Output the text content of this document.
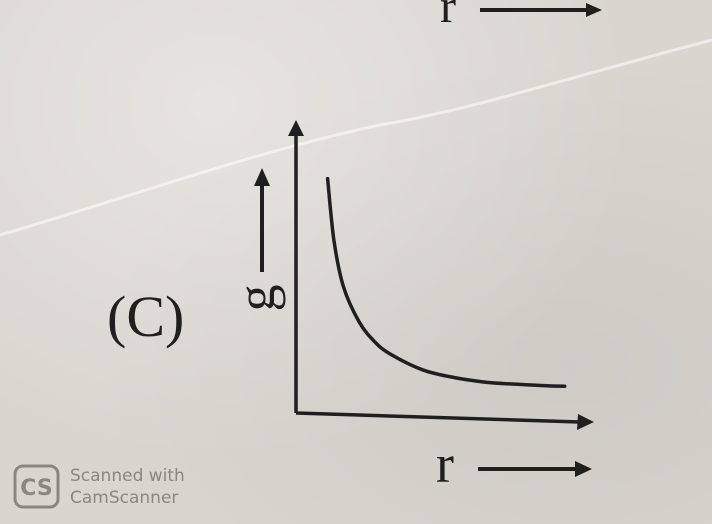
r
(C) g
r
CS Scanned with
CamScanner
